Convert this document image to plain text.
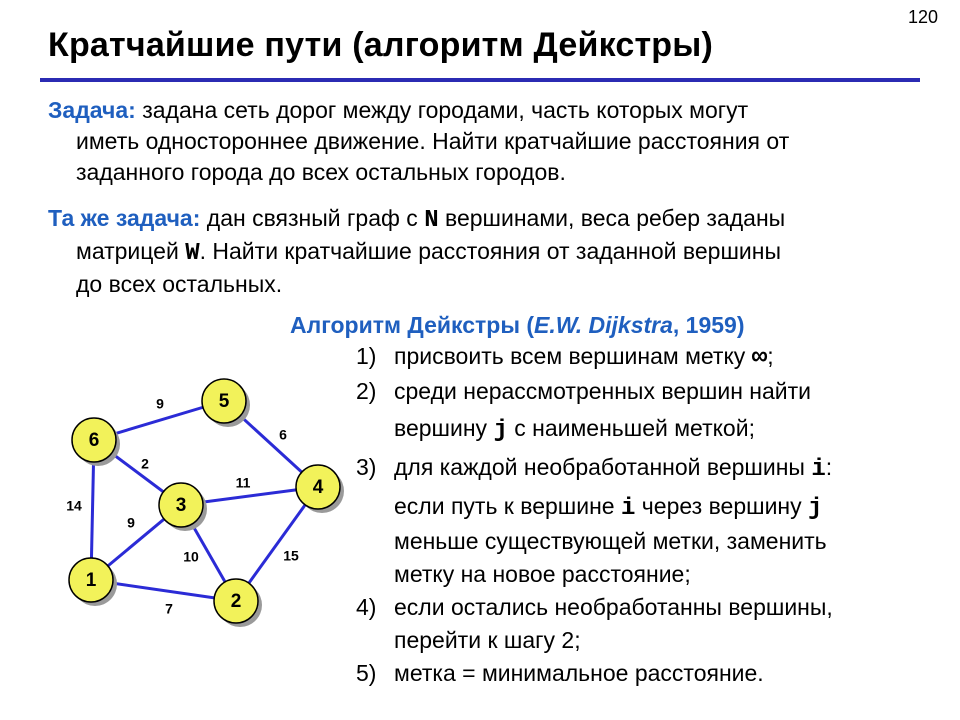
120
Кратчайшие пути (алгоритм Дейкстры)
Задача: задана сеть дорог между городами, часть которых могут
иметь одностороннее движение. Найти кратчайшие расстояния от
заданного города до всех остальных городов.
Та же задача: дан связный граф с N вершинами, веса ребер заданы
матрицей W. Найти кратчайшие расстояния от заданной вершины
до всех остальных.
Алгоритм Дейкстры (E.W. Dijkstra, 1959)
1) присвоить всем вершинам метку ∞;
2) среди нерассмотренных вершин найти
вершину j с наименьшей меткой;
3) для каждой необработанной вершины i:
если путь к вершине i через вершину j
меньше существующей метки, заменить
метку на новое расстояние;
4) если остались необработанны вершины,
перейти к шагу 2;
5) метка = минимальное расстояние.
9
6
2
11
14
9
10	15
7
6
5
3
4
1
2
